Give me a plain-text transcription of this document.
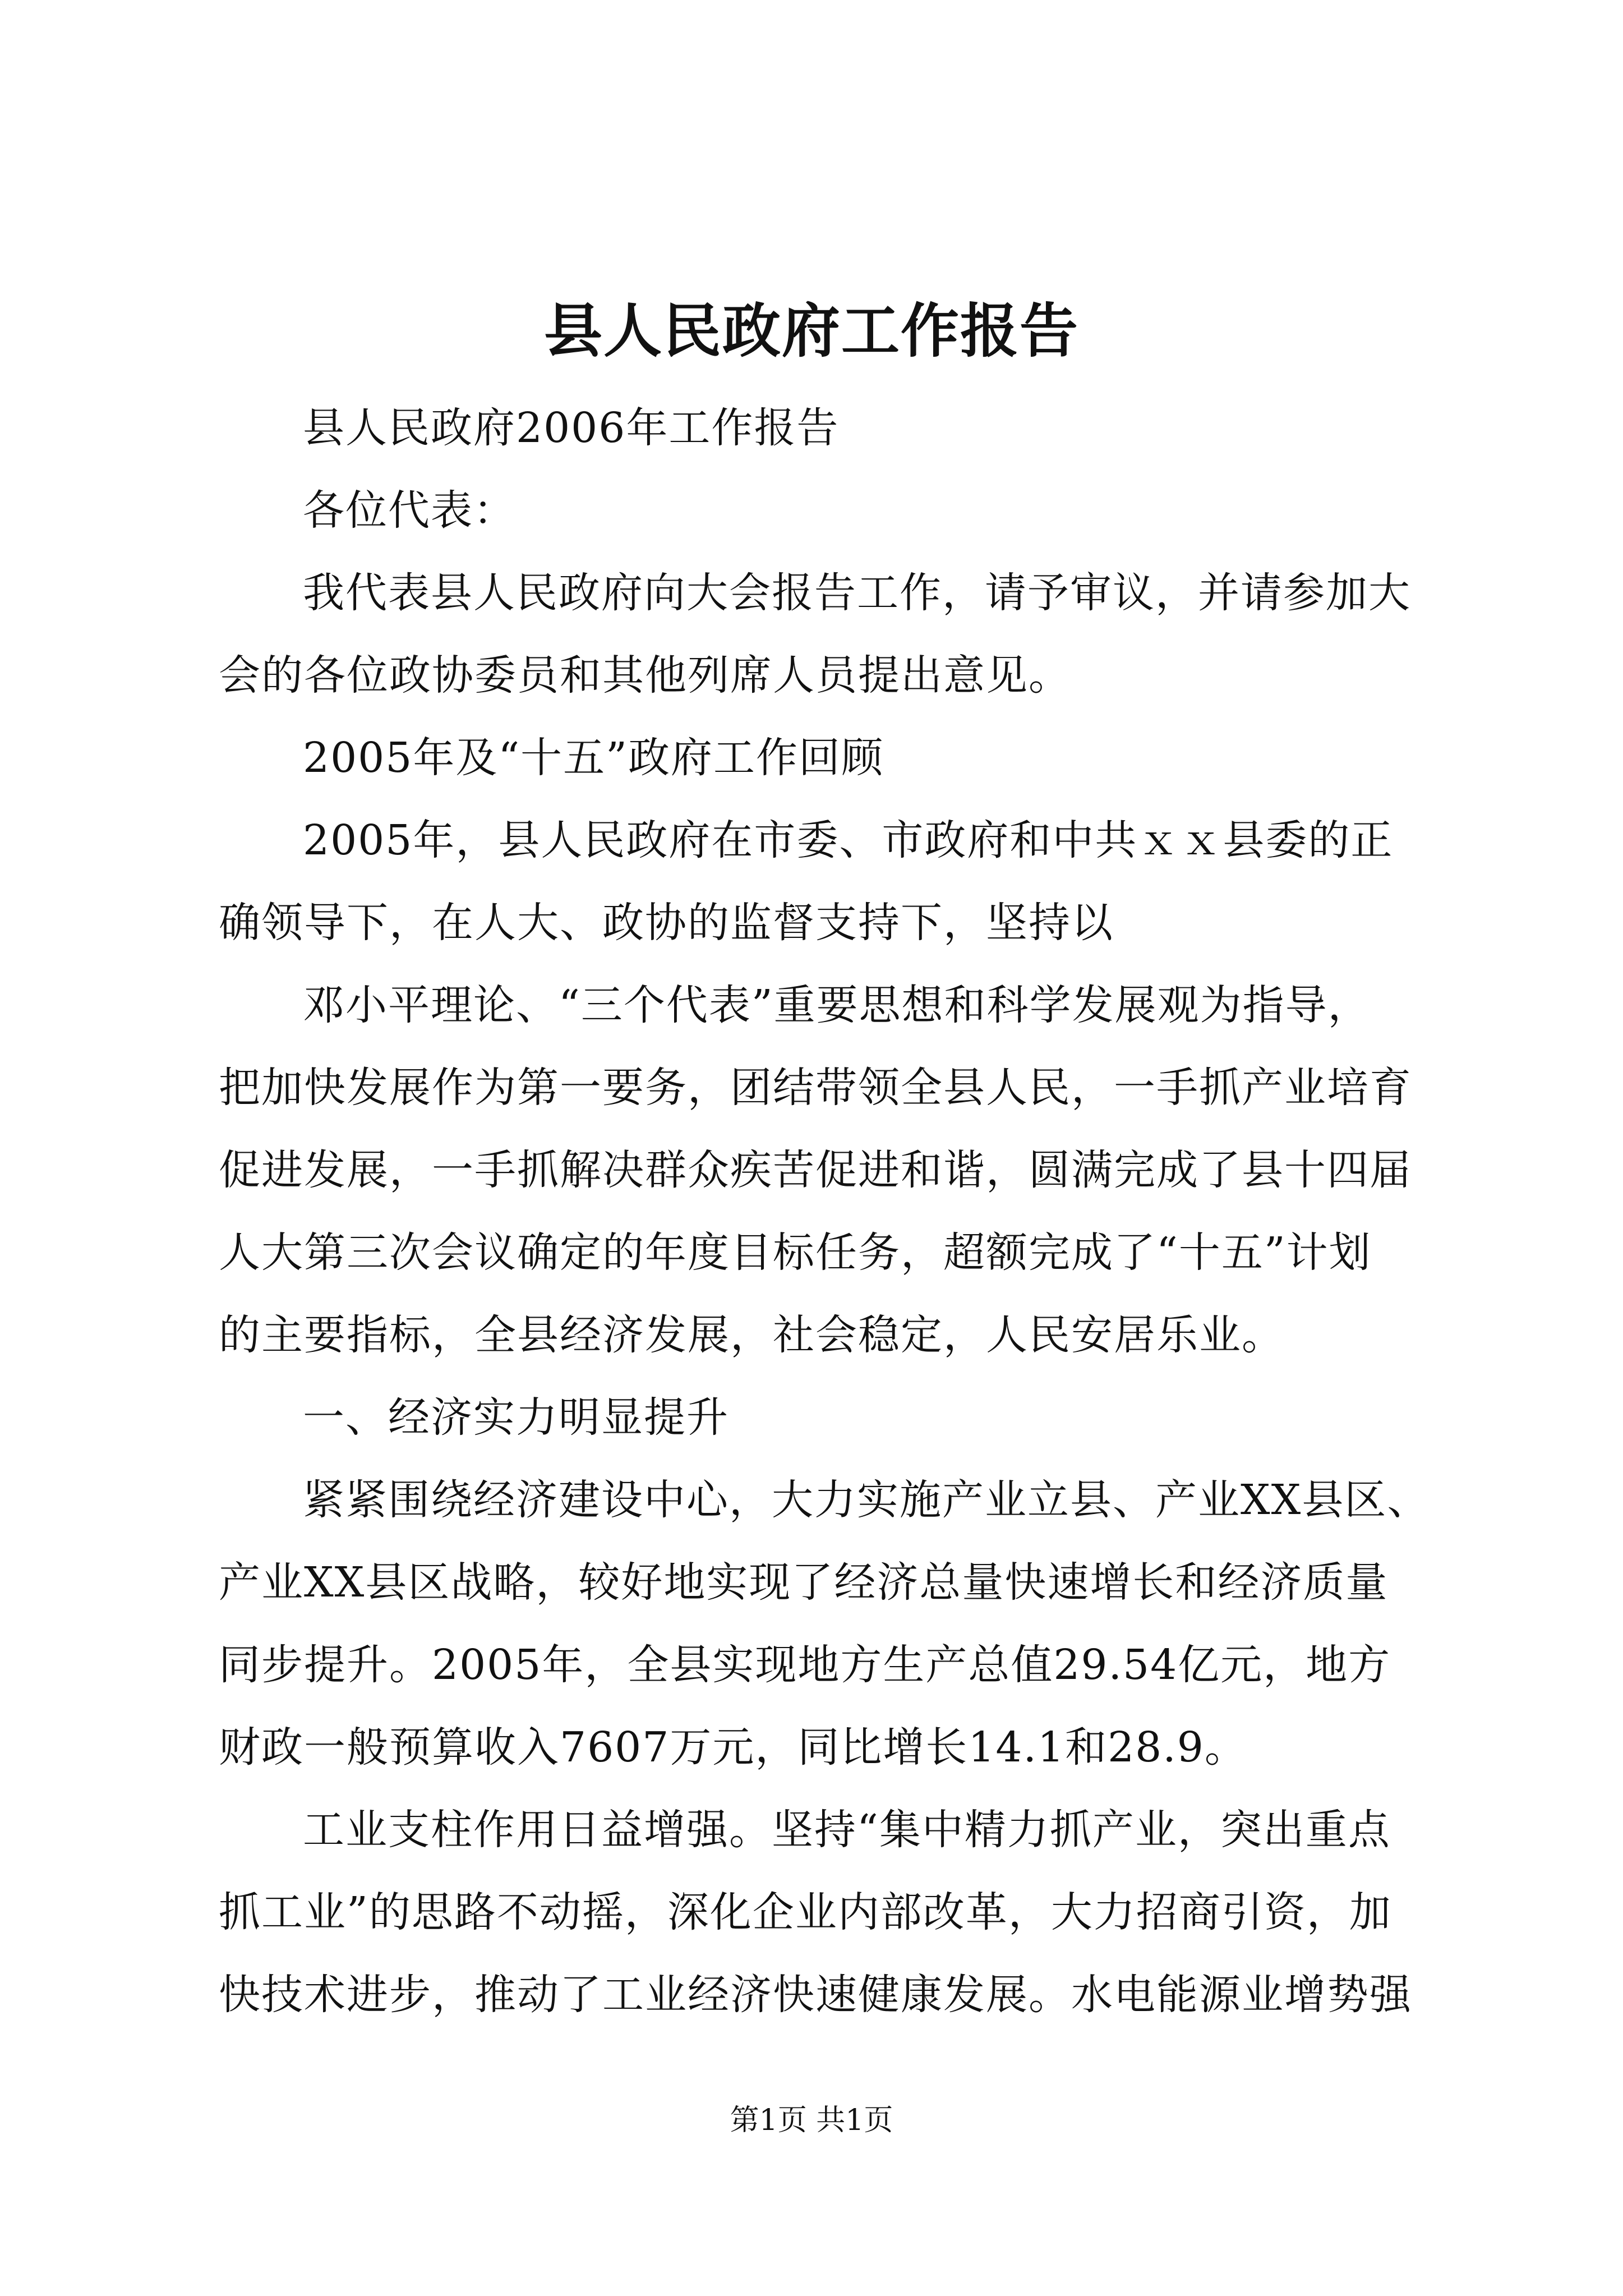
县人民政府工作报告

县人民政府2006年工作报告

各位代表：

我代表县人民政府向大会报告工作，请予审议，并请参加大
会的各位政协委员和其他列席人员提出意见。

2005年及“十五”政府工作回顾

2005年，县人民政府在市委、市政府和中共ｘｘ县委的正
确领导下，在人大、政协的监督支持下，坚持以

邓小平理论、“三个代表”重要思想和科学发展观为指导，
把加快发展作为第一要务，团结带领全县人民，一手抓产业培育
促进发展，一手抓解决群众疾苦促进和谐，圆满完成了县十四届
人大第三次会议确定的年度目标任务，超额完成了“十五”计划
的主要指标，全县经济发展，社会稳定，人民安居乐业。

一、经济实力明显提升

紧紧围绕经济建设中心，大力实施产业立县、产业XX县区、
产业XX县区战略，较好地实现了经济总量快速增长和经济质量
同步提升。2005年，全县实现地方生产总值29.54亿元，地方
财政一般预算收入7607万元，同比增长14.1和28.9。

工业支柱作用日益增强。坚持“集中精力抓产业，突出重点
抓工业”的思路不动摇，深化企业内部改革，大力招商引资，加
快技术进步，推动了工业经济快速健康发展。水电能源业增势强

第1页 共1页
